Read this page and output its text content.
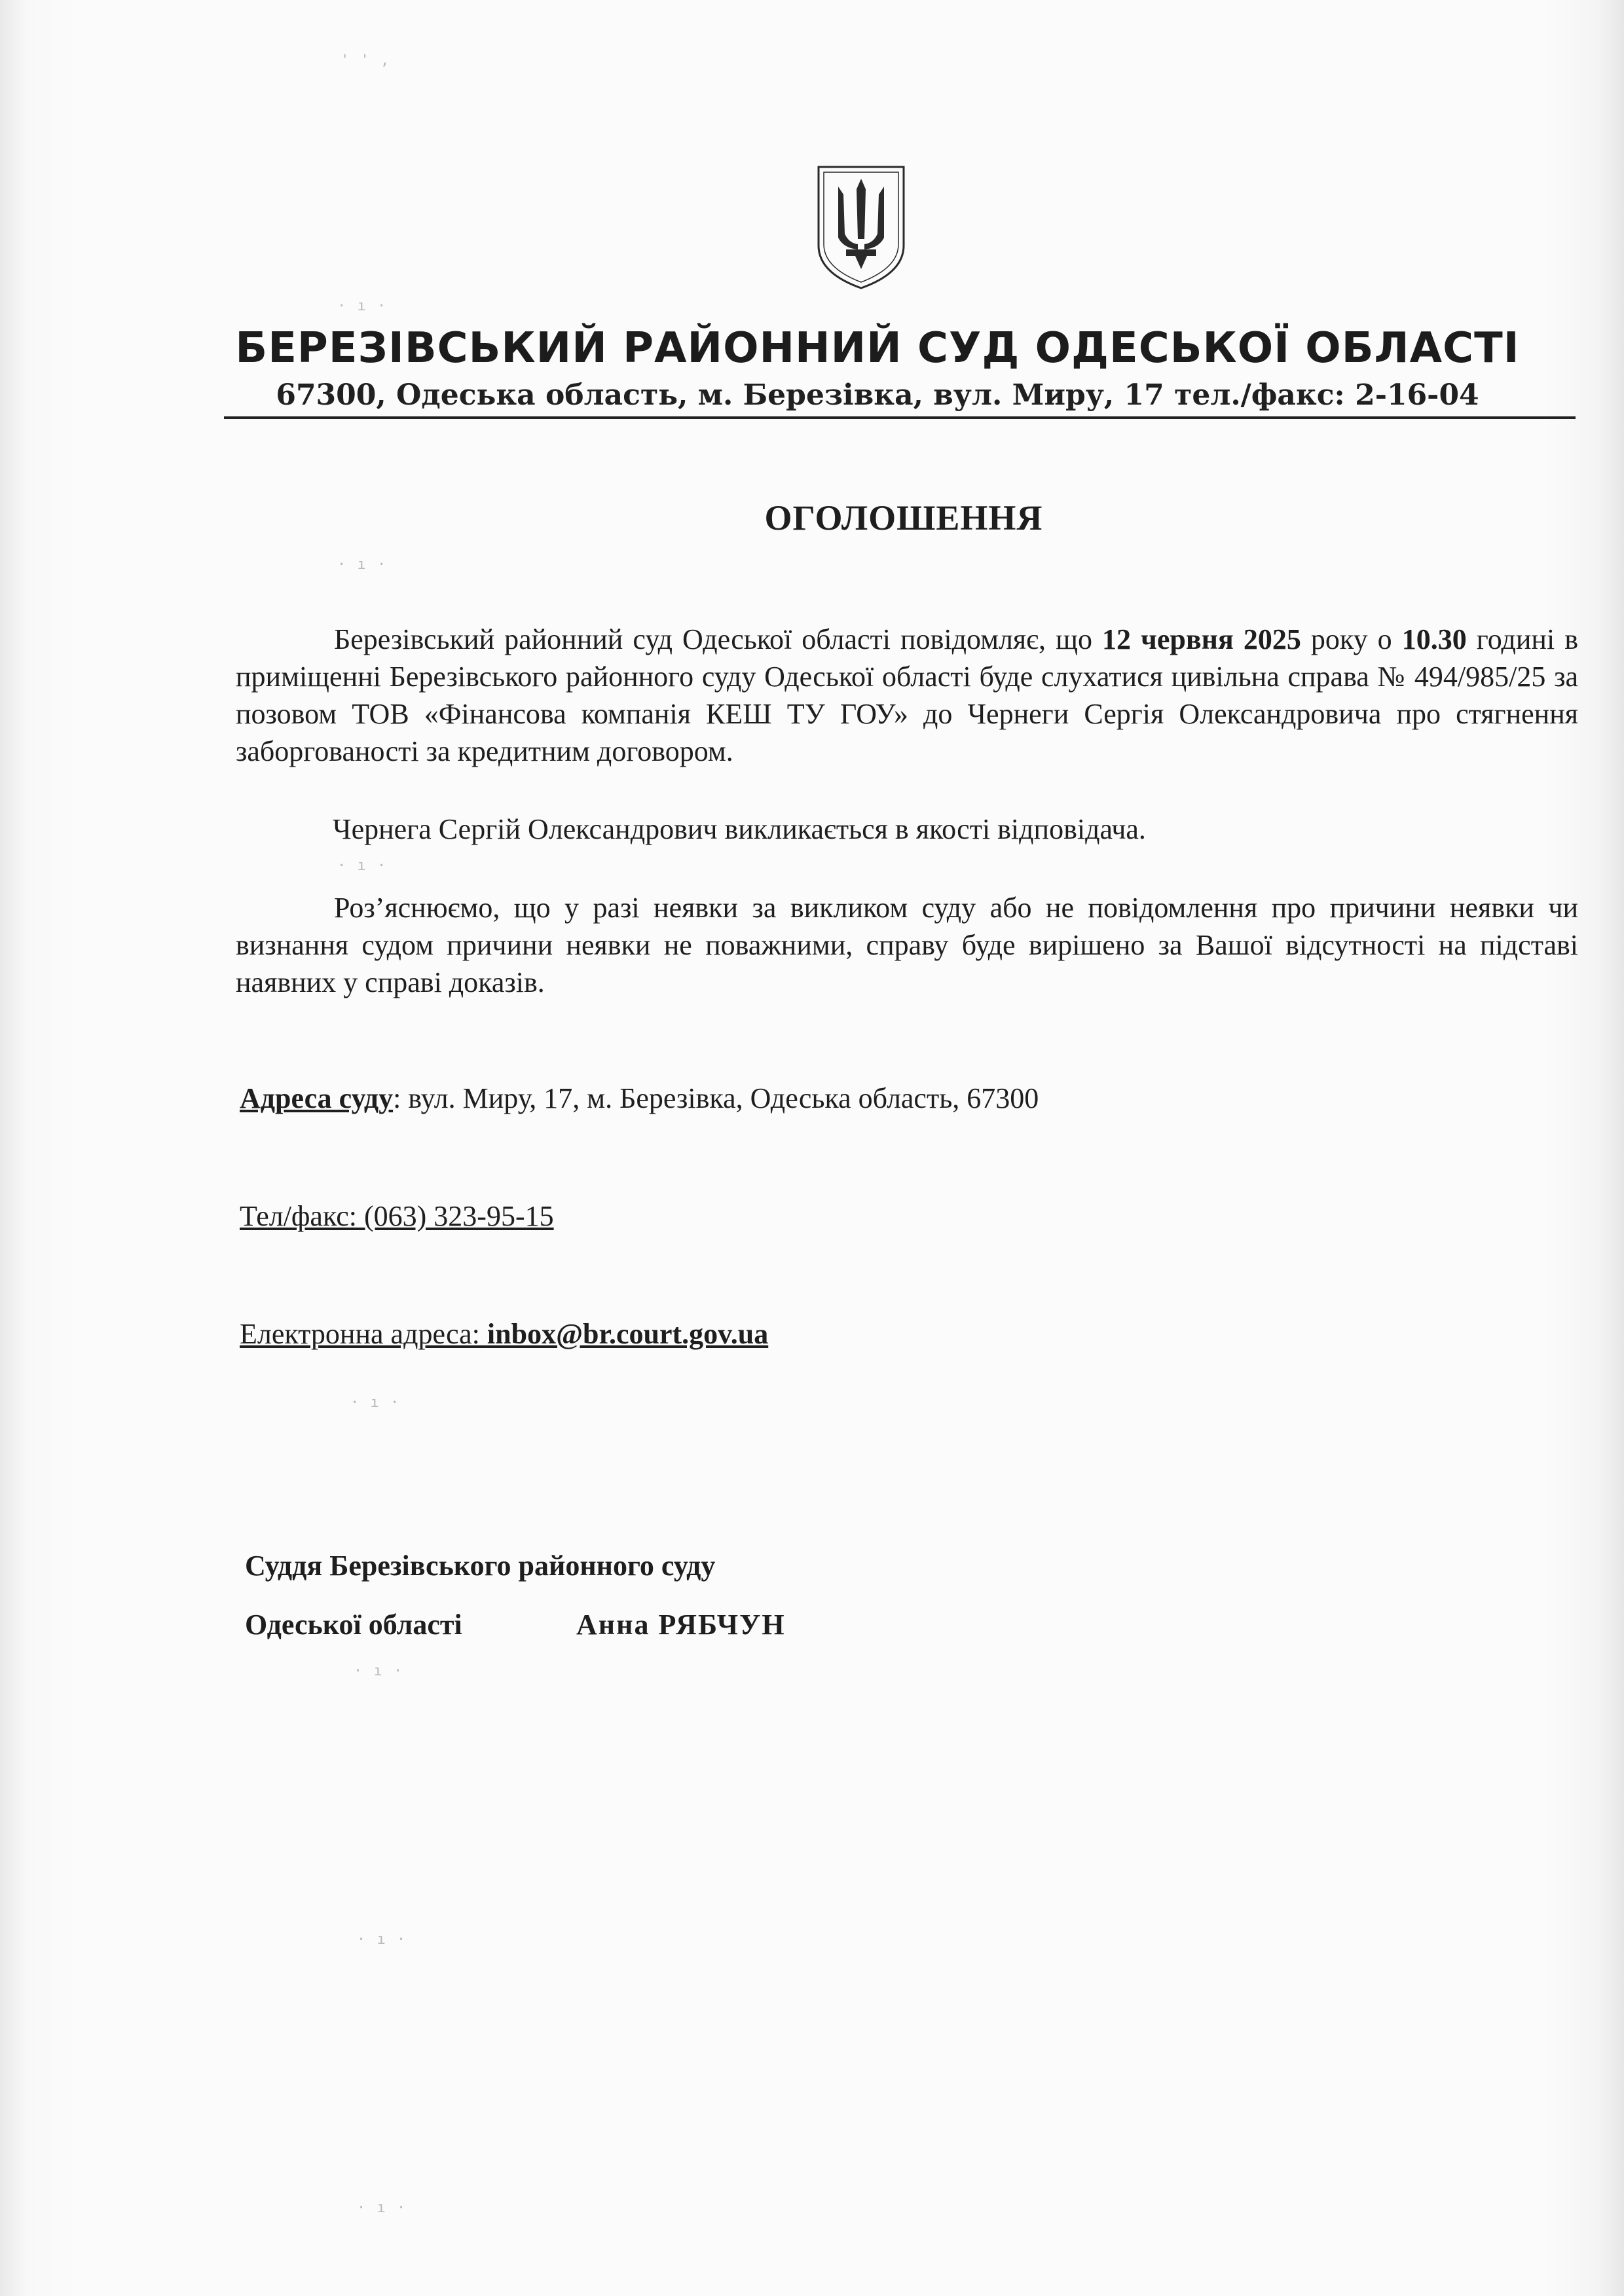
' ' ,
· ı ·
· ı ·
· ı ·
· ı ·
· ı ·
· ı ·
· ı ·
БЕРЕЗІВСЬКИЙ РАЙОННИЙ СУД ОДЕСЬКОЇ ОБЛАСТІ
67300, Одеська область, м. Березівка, вул. Миру, 17 тел./факс: 2-16-04
ОГОЛОШЕННЯ
Березівський районний суд Одеської області повідомляє, що 12 червня 2025 року о 10.30 годині в приміщенні Березівського районного суду Одеської області буде слухатися цивільна справа № 494/985/25 за позовом ТОВ «Фінансова компанія КЕШ ТУ ГОУ» до Чернеги Сергія Олександровича про стягнення заборгованості за кредитним договором.
Чернега Сергій Олександрович викликається в якості відповідача.
Роз’яснюємо, що у разі неявки за викликом суду або не повідомлення про причини неявки чи визнання судом причини неявки не поважними, справу буде вирішено за Вашої відсутності на підставі наявних у справі доказів.
Адреса суду: вул. Миру, 17, м. Березівка, Одеська область, 67300
Тел/факс: (063) 323-95-15
Електронна адреса: inbox@br.court.gov.ua
Суддя Березівського районного суду
Одеської області	Анна РЯБЧУН
